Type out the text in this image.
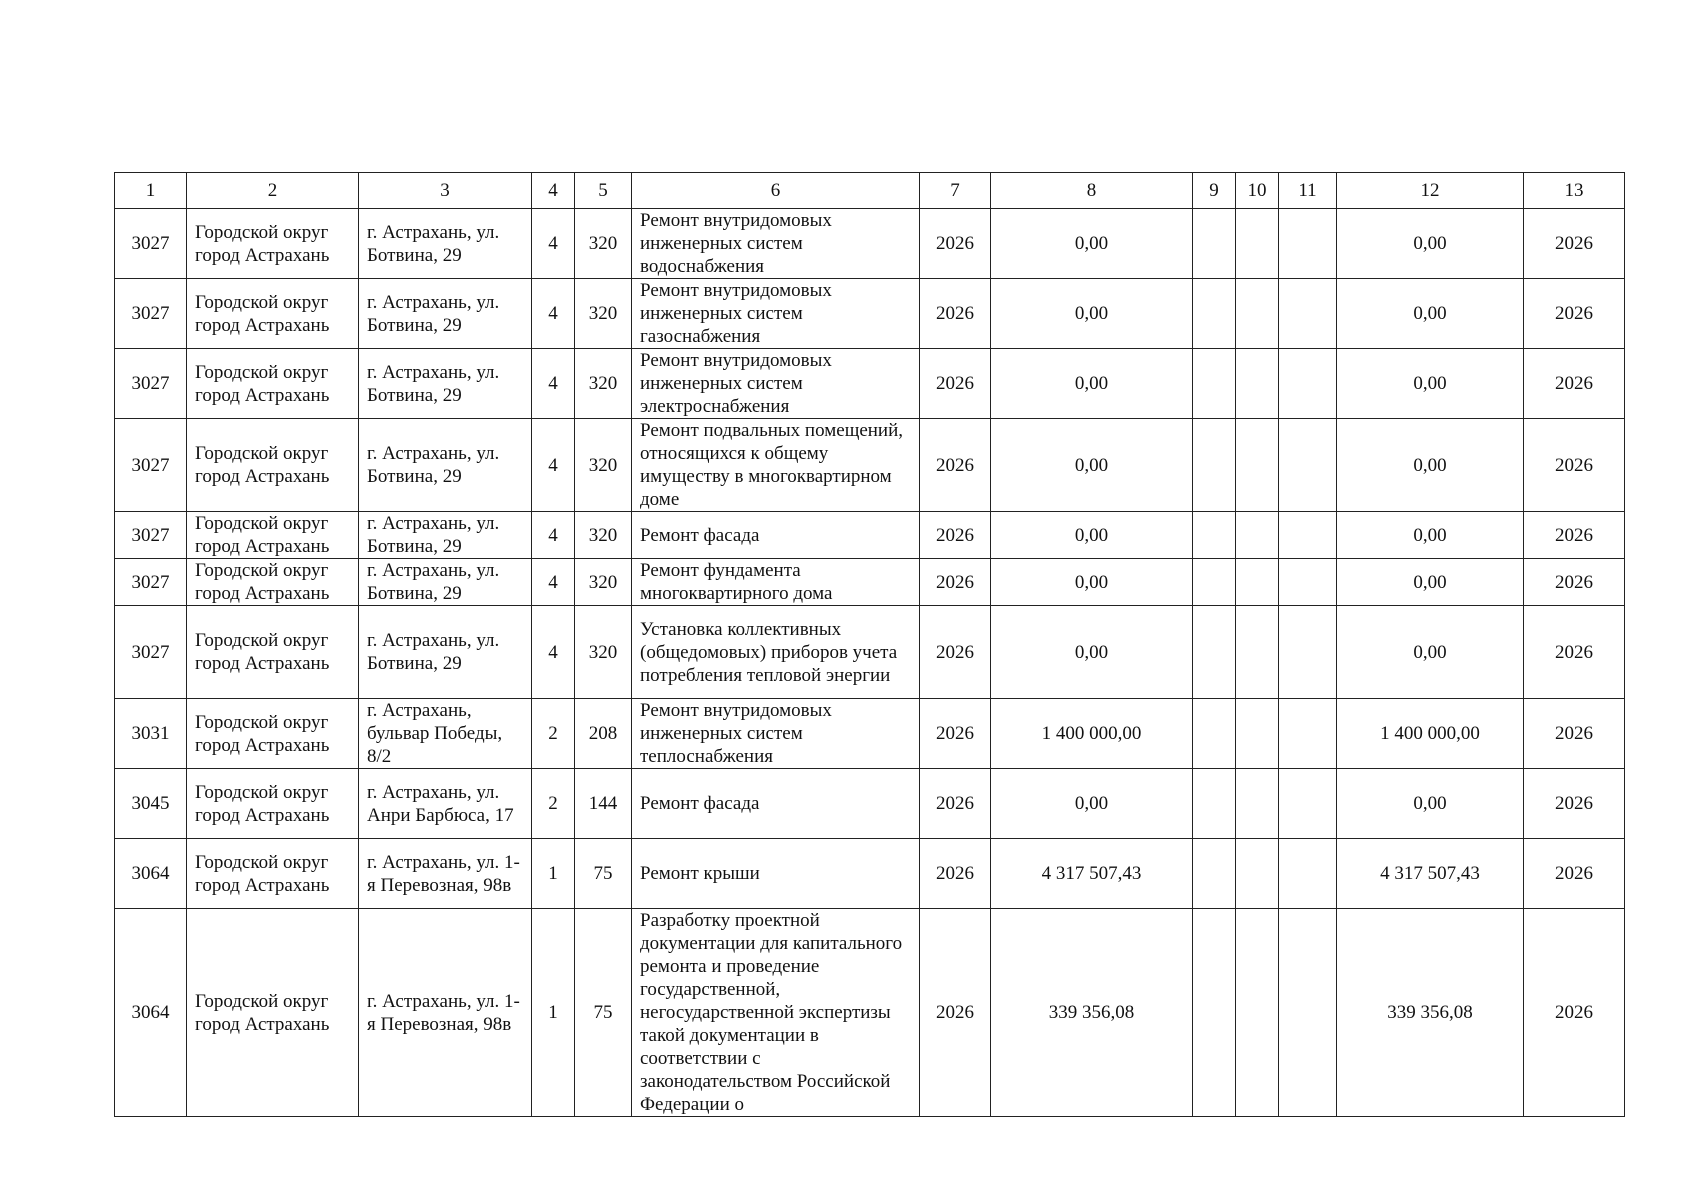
1	2	3	4	5	6	7	8	9	10	11	12	13
3027	Городской округ город Астрахань	г. Астрахань, ул. Ботвина, 29	4	320	Ремонт внутридомовых инженерных систем водоснабжения	2026	0,00				0,00	2026
3027	Городской округ город Астрахань	г. Астрахань, ул. Ботвина, 29	4	320	Ремонт внутридомовых инженерных систем газоснабжения	2026	0,00				0,00	2026
3027	Городской округ город Астрахань	г. Астрахань, ул. Ботвина, 29	4	320	Ремонт внутридомовых инженерных систем электроснабжения	2026	0,00				0,00	2026
3027	Городской округ город Астрахань	г. Астрахань, ул. Ботвина, 29	4	320	Ремонт подвальных помещений, относящихся к общему имуществу в многоквартирном доме	2026	0,00				0,00	2026
3027	Городской округ город Астрахань	г. Астрахань, ул. Ботвина, 29	4	320	Ремонт фасада	2026	0,00				0,00	2026
3027	Городской округ город Астрахань	г. Астрахань, ул. Ботвина, 29	4	320	Ремонт фундамента многоквартирного дома	2026	0,00				0,00	2026
3027	Городской округ город Астрахань	г. Астрахань, ул. Ботвина, 29	4	320	Установка коллективных (общедомовых) приборов учета потребления тепловой энергии	2026	0,00				0,00	2026
3031	Городской округ город Астрахань	г. Астрахань, бульвар Победы, 8/2	2	208	Ремонт внутридомовых инженерных систем теплоснабжения	2026	1 400 000,00				1 400 000,00	2026
3045	Городской округ город Астрахань	г. Астрахань, ул. Анри Барбюса, 17	2	144	Ремонт фасада	2026	0,00				0,00	2026
3064	Городской округ город Астрахань	г. Астрахань, ул. 1-я Перевозная, 98в	1	75	Ремонт крыши	2026	4 317 507,43				4 317 507,43	2026
3064	Городской округ город Астрахань	г. Астрахань, ул. 1-я Перевозная, 98в	1	75	Разработку проектной документации для капитального ремонта и проведение государственной, негосударственной экспертизы такой документации в соответствии с законодательством Российской Федерации о	2026	339 356,08				339 356,08	2026
